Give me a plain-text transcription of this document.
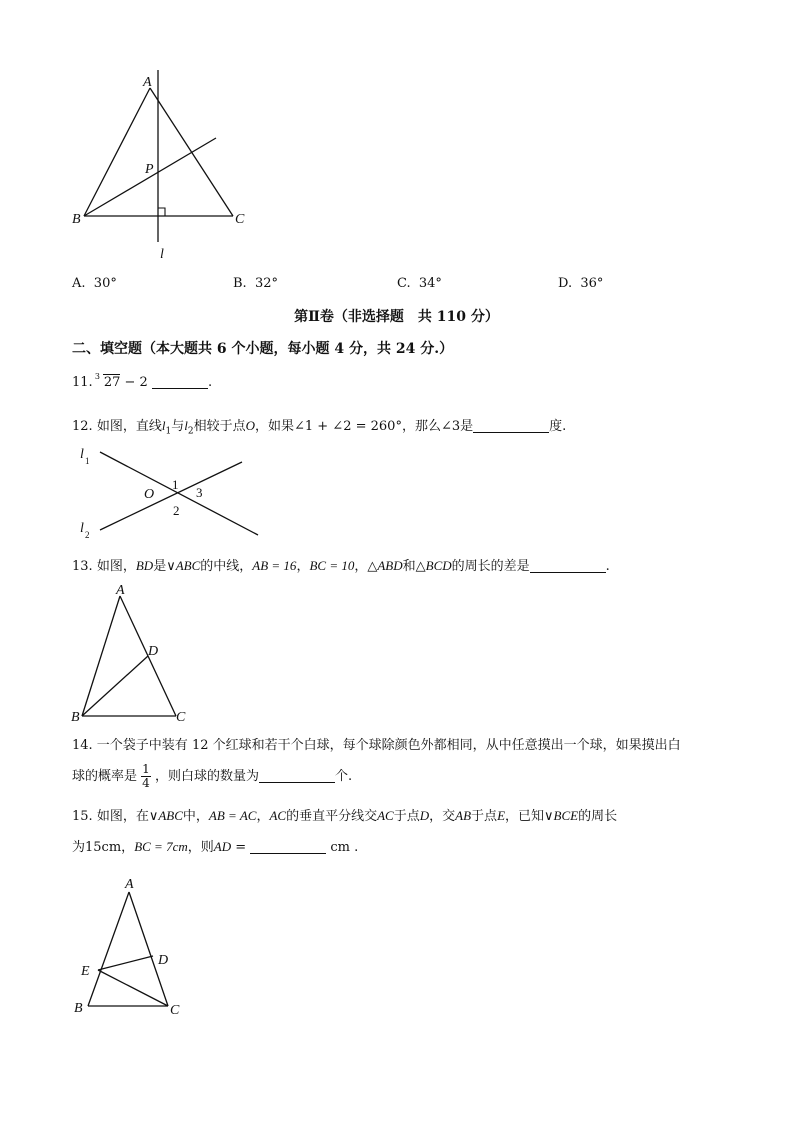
A
P
B	C
l
A. 30°	B. 32°	C. 34°	D. 36°
第Ⅱ卷（非选择题　共 110 分）
二、填空题（本大题共 6 个小题，每小题 4 分，共 24 分.）
11. 3 27 − 2	.
12. 如图，直线$l_1$与$l_2$相较于点O，如果∠1 + ∠2 = 260°，那么∠3是	度.
l 1
l 2
O
1
3
2
13. 如图，BD是∨ABC的中线，AB = 16，BC = 10，△ABD和△BCD的周长的差是	.
A
D
B	C
14. 一个袋子中装有 12 个红球和若干个白球，每个球除颜色外都相同，从中任意摸出一个球，如果摸出白
球的概率是 $\frac{1}{4}$ ，则白球的数量为	个.
15. 如图，在∨ABC中，AB = AC，AC的垂直平分线交AC于点D，交AB于点E，已知∨BCE的周长
为15cm，BC = 7cm，则AD =	cm .
A
E
D
B	C
